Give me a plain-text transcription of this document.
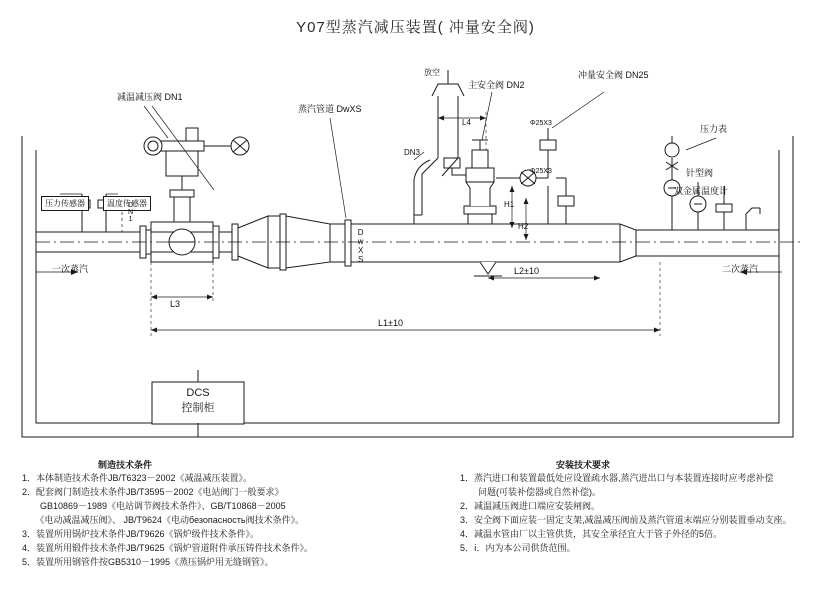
Y07型蒸汽减压装置( 冲量安全阀)
减温减压阀 DN1
蒸汽管道 DwXS
放空
主安全阀 DN2
冲量安全阀 DN25
压力表
针型阀
双金属温度计
压力传感器	温度传感器
DN1
DN3
L4	Φ25X3
Φ25X3
H1
H2
DwXS
一次蒸汽	二次蒸汽
L3
L2±10
L1±10
DCS
控制柜
制造技术条件
1．本体制造技术条件JB/T6323－2002《减温减压装置》。
2．配套阀门制造技术条件JB/T3595－2002《电站阀门一般要求》
　　GB10869－1989《电站调节阀技术条件》、GB/T10868－2005
　　《电动减温减压阀》、 JB/T9624《电动безопасность阀技术条件》。
3．装置所用锅炉技术条件JB/T9626《锅炉级件技术条件》。
4．装置所用锻件技术条件JB/T9625《锅炉管道附件承压铸件技术条件》。
5．装置所用钢管件按GB5310－1995《蒸压锅炉用无缝钢管》。
安装技术要求
1．蒸汽进口和装置最低处应设置疏水器,蒸汽进出口与本装置连接时应考虑补偿
　　问题(可装补偿器或自然补偿)。
2．减温减压阀进口端应安装闸阀。
3．安全阀下面应装一固定支架,减温减压阀前及蒸汽管道末端应分别装置垂动支座。
4．减温水管由厂以主管供货，其安全承径宜大于管子外径的5倍。
5．ⅰ．内为本公司供货范围。
